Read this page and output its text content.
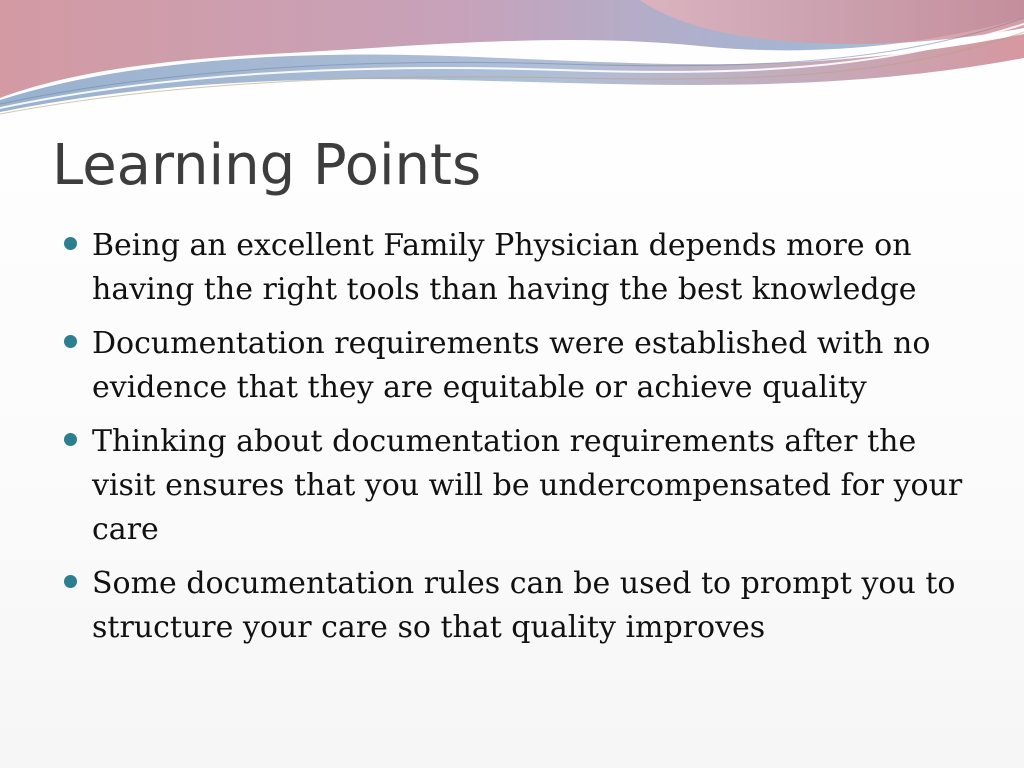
Learning Points
Being an excellent Family Physician depends more on having the right tools than having the best knowledge
Documentation requirements were established with no evidence that they are equitable or achieve quality
Thinking about documentation requirements after the visit ensures that you will be undercompensated for your care
Some documentation rules can be used to prompt you to structure your care so that quality improves
